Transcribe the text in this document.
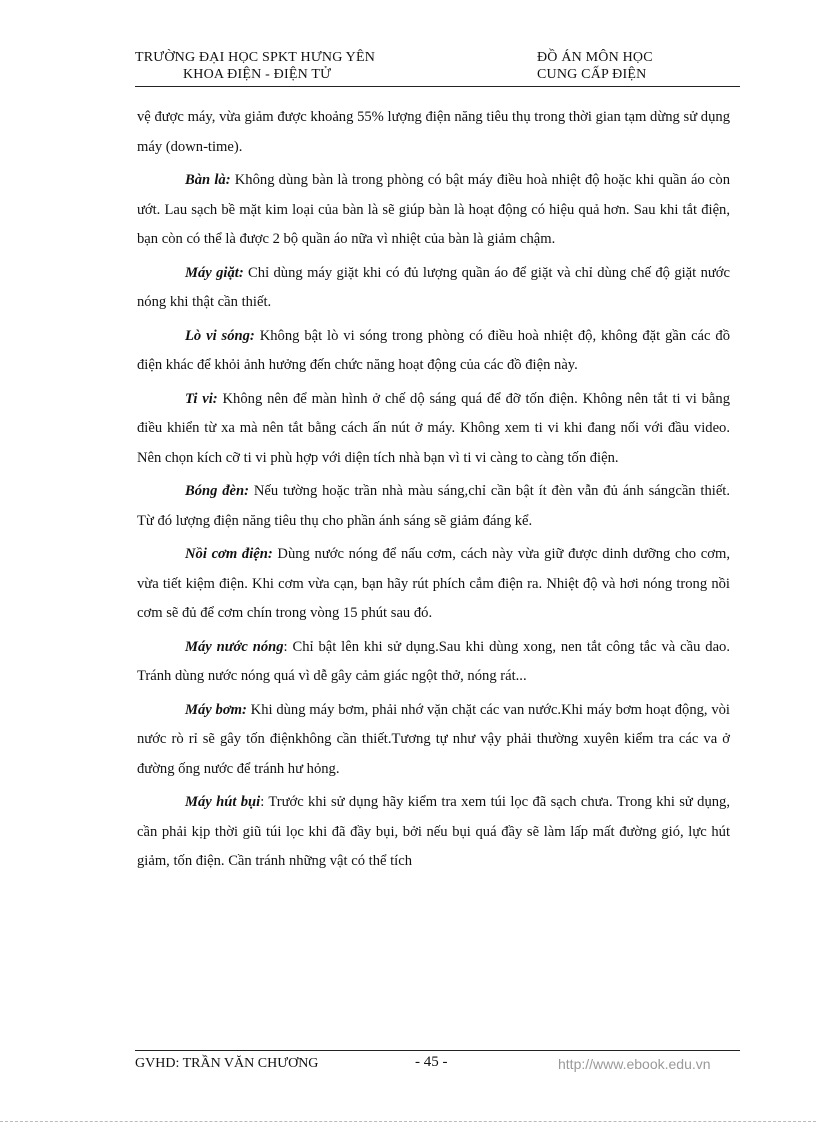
TRƯỜNG ĐẠI HỌC SPKT HƯNG YÊN
KHOA ĐIỆN - ĐIỆN TỬ
ĐỒ ÁN MÔN HỌC
CUNG CẤP ĐIỆN

vệ được máy, vừa giảm được khoảng 55% lượng điện năng tiêu thụ trong thời gian tạm dừng sử dụng máy (down-time).

Bàn là: Không dùng bàn là trong phòng có bật máy điều hoà nhiệt độ hoặc khi quần áo còn ướt. Lau sạch bề mặt kim loại của bàn là sẽ giúp bàn là hoạt động có hiệu quả hơn. Sau khi tắt điện, bạn còn có thể là được 2 bộ quần áo nữa vì nhiệt của bàn là giảm chậm.

Máy giặt: Chỉ dùng máy giặt khi có đủ lượng quần áo để giặt và chỉ dùng chế độ giặt nước nóng khi thật cần thiết.

Lò vi sóng: Không bật lò vi sóng trong phòng có điều hoà nhiệt độ, không đặt gần các đồ điện khác để khỏi ảnh hưởng đến chức năng hoạt động của các đồ điện này.

Ti vi: Không nên để màn hình ở chế dộ sáng quá để đỡ tốn điện. Không nên tắt ti vi bằng điều khiển từ xa mà nên tắt bằng cách ấn nút ở máy. Không xem ti vi khi đang nối với đầu video. Nên chọn kích cỡ ti vi phù hợp với diện tích nhà bạn vì ti vi càng to càng tốn điện.

Bóng đèn: Nếu tường hoặc trần nhà màu sáng,chỉ cần bật ít đèn vẫn đủ ánh sángcần thiết. Từ đó lượng điện năng tiêu thụ cho phần ánh sáng sẽ giảm đáng kể.

Nồi cơm điện: Dùng nước nóng để nấu cơm, cách này vừa giữ được dinh dưỡng cho cơm, vừa tiết kiệm điện. Khi cơm vừa cạn, bạn hãy rút phích cắm điện ra. Nhiệt độ và hơi nóng trong nồi cơm sẽ đủ để cơm chín trong vòng 15 phút sau đó.

Máy nước nóng: Chỉ bật lên khi sử dụng.Sau khi dùng xong, nen tắt công tắc và cầu dao. Tránh dùng nước nóng quá vì dễ gây cảm giác ngột thở, nóng rát...

Máy bơm: Khi dùng máy bơm, phải nhớ vặn chặt các van nước.Khi máy bơm hoạt động, vòi nước rò rỉ sẽ gây tốn điệnkhông cần thiết.Tương tự như vậy phải thường xuyên kiểm tra các va ở đường ống nước để tránh hư hỏng.

Máy hút bụi: Trước khi sử dụng hãy kiểm tra xem túi lọc đã sạch chưa. Trong khi sử dụng, cần phải kịp thời giũ túi lọc khi đã đầy bụi, bởi nếu bụi quá đầy sẽ làm lấp mất đường gió, lực hút giảm, tốn điện. Cần tránh những vật có thể tích

GVHD: TRẦN VĂN CHƯƠNG	- 45 -	http://www.ebook.edu.vn
